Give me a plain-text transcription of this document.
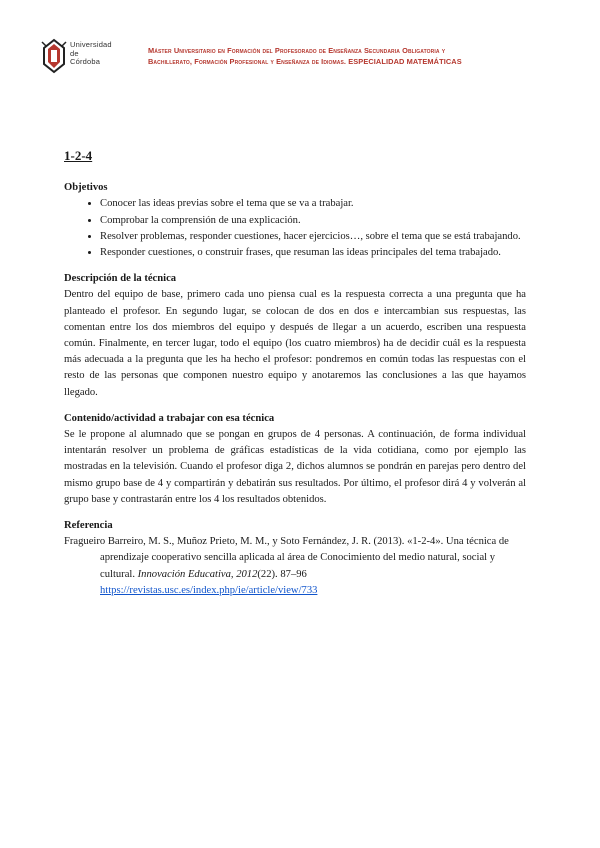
Universidad
de
Córdoba
Máster Universitario en Formación del Profesorado de Enseñanza Secundaria Obligatoria y
Bachillerato, Formación Profesional y Enseñanza de Idiomas. ESPECIALIDAD MATEMÁTICAS
1-2-4
Objetivos
• Conocer las ideas previas sobre el tema que se va a trabajar.
• Comprobar la comprensión de una explicación.
• Resolver problemas, responder cuestiones, hacer ejercicios…, sobre el tema que se está trabajando.
• Responder cuestiones, o construir frases, que resuman las ideas principales del tema trabajado.
Descripción de la técnica

Dentro del equipo de base, primero cada uno piensa cual es la respuesta correcta a una pregunta que ha planteado el profesor. En segundo lugar, se colocan de dos en dos e intercambian sus respuestas, las comentan entre los dos miembros del equipo y después de llegar a un acuerdo, escriben una respuesta común. Finalmente, en tercer lugar, todo el equipo (los cuatro miembros) ha de decidir cuál es la respuesta más adecuada a la pregunta que les ha hecho el profesor: pondremos en común todas las respuestas con el resto de las personas que componen nuestro equipo y anotaremos las conclusiones a las que hayamos llegado.

Contenido/actividad a trabajar con esa técnica

Se le propone al alumnado que se pongan en grupos de 4 personas. A continuación, de forma individual intentarán resolver un problema de gráficas estadísticas de la vida cotidiana, como por ejemplo las mostradas en la televisión. Cuando el profesor diga 2, dichos alumnos se pondrán en parejas pero dentro del mismo grupo base de 4 y compartirán y debatirán sus resultados. Por último, el profesor dirá 4 y volverán al grupo base y contrastarán entre los 4 los resultados obtenidos.

Referencia

Fragueiro Barreiro, M. S., Muñoz Prieto, M. M., y Soto Fernández, J. R. (2013). «1-2-4». Una técnica de aprendizaje cooperativo sencilla aplicada al área de Conocimiento del medio natural, social y cultural. Innovación Educativa, 2012(22). 87–96
https://revistas.usc.es/index.php/ie/article/view/733
